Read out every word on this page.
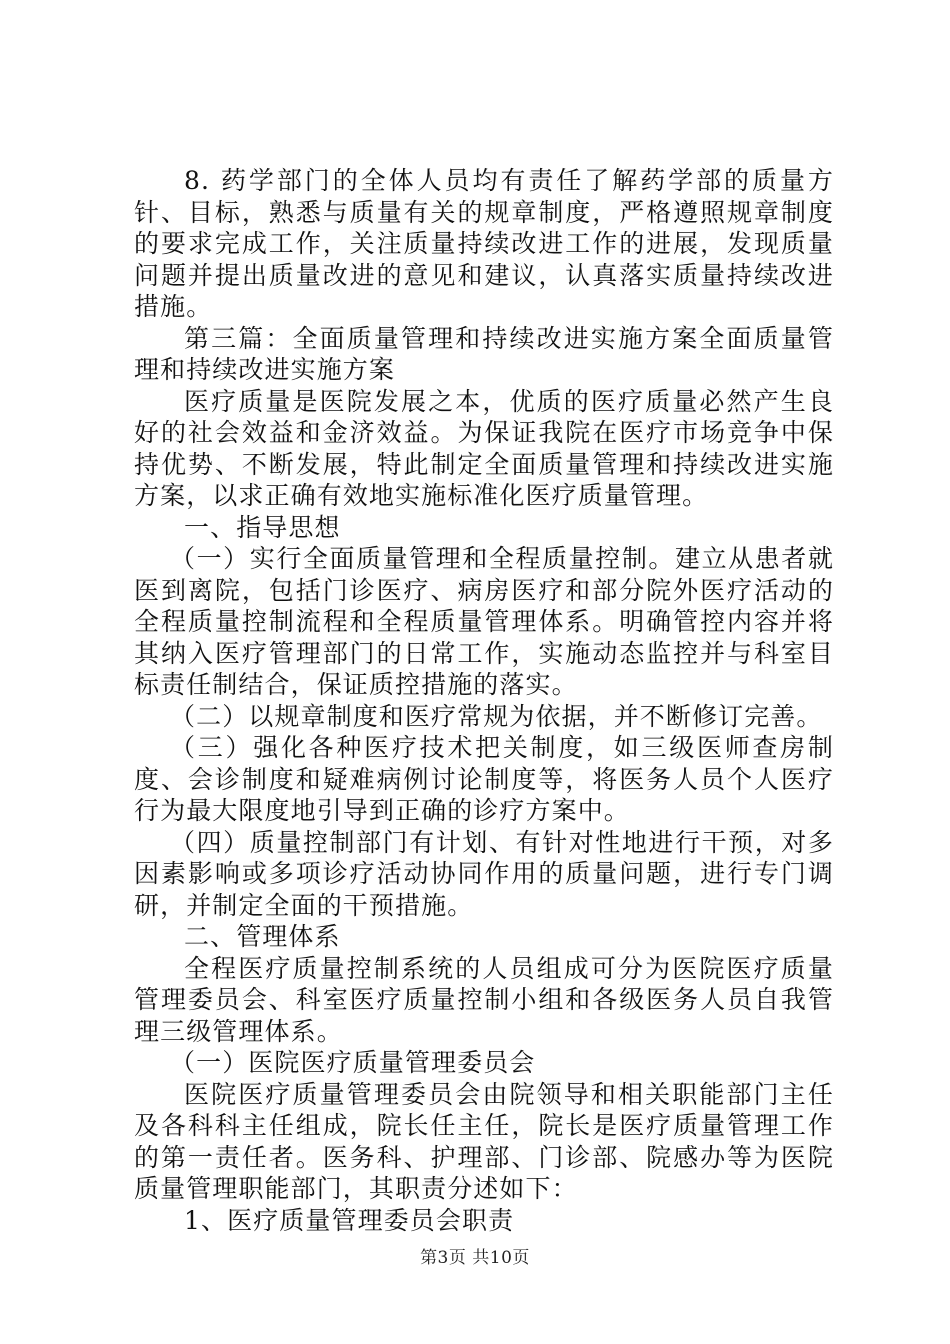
8. 药学部门的全体人员均有责任了解药学部的质量方针、目标，熟悉与质量有关的规章制度，严格遵照规章制度的要求完成工作，关注质量持续改进工作的进展，发现质量问题并提出质量改进的意见和建议，认真落实质量持续改进措施。

第三篇：全面质量管理和持续改进实施方案全面质量管理和持续改进实施方案

医疗质量是医院发展之本，优质的医疗质量必然产生良好的社会效益和金济效益。为保证我院在医疗市场竞争中保持优势、不断发展，特此制定全面质量管理和持续改进实施方案，以求正确有效地实施标准化医疗质量管理。

一、指导思想

（一）实行全面质量管理和全程质量控制。建立从患者就医到离院，包括门诊医疗、病房医疗和部分院外医疗活动的全程质量控制流程和全程质量管理体系。明确管控内容并将其纳入医疗管理部门的日常工作，实施动态监控并与科室目标责任制结合，保证质控措施的落实。

（二）以规章制度和医疗常规为依据，并不断修订完善。

（三）强化各种医疗技术把关制度，如三级医师查房制度、会诊制度和疑难病例讨论制度等，将医务人员个人医疗行为最大限度地引导到正确的诊疗方案中。

（四）质量控制部门有计划、有针对性地进行干预，对多因素影响或多项诊疗活动协同作用的质量问题，进行专门调研，并制定全面的干预措施。

二、管理体系

全程医疗质量控制系统的人员组成可分为医院医疗质量管理委员会、科室医疗质量控制小组和各级医务人员自我管理三级管理体系。

（一）医院医疗质量管理委员会

医院医疗质量管理委员会由院领导和相关职能部门主任及各科科主任组成，院长任主任，院长是医疗质量管理工作的第一责任者。医务科、护理部、门诊部、院感办等为医院质量管理职能部门，其职责分述如下：

1、医疗质量管理委员会职责

第3页 共10页
